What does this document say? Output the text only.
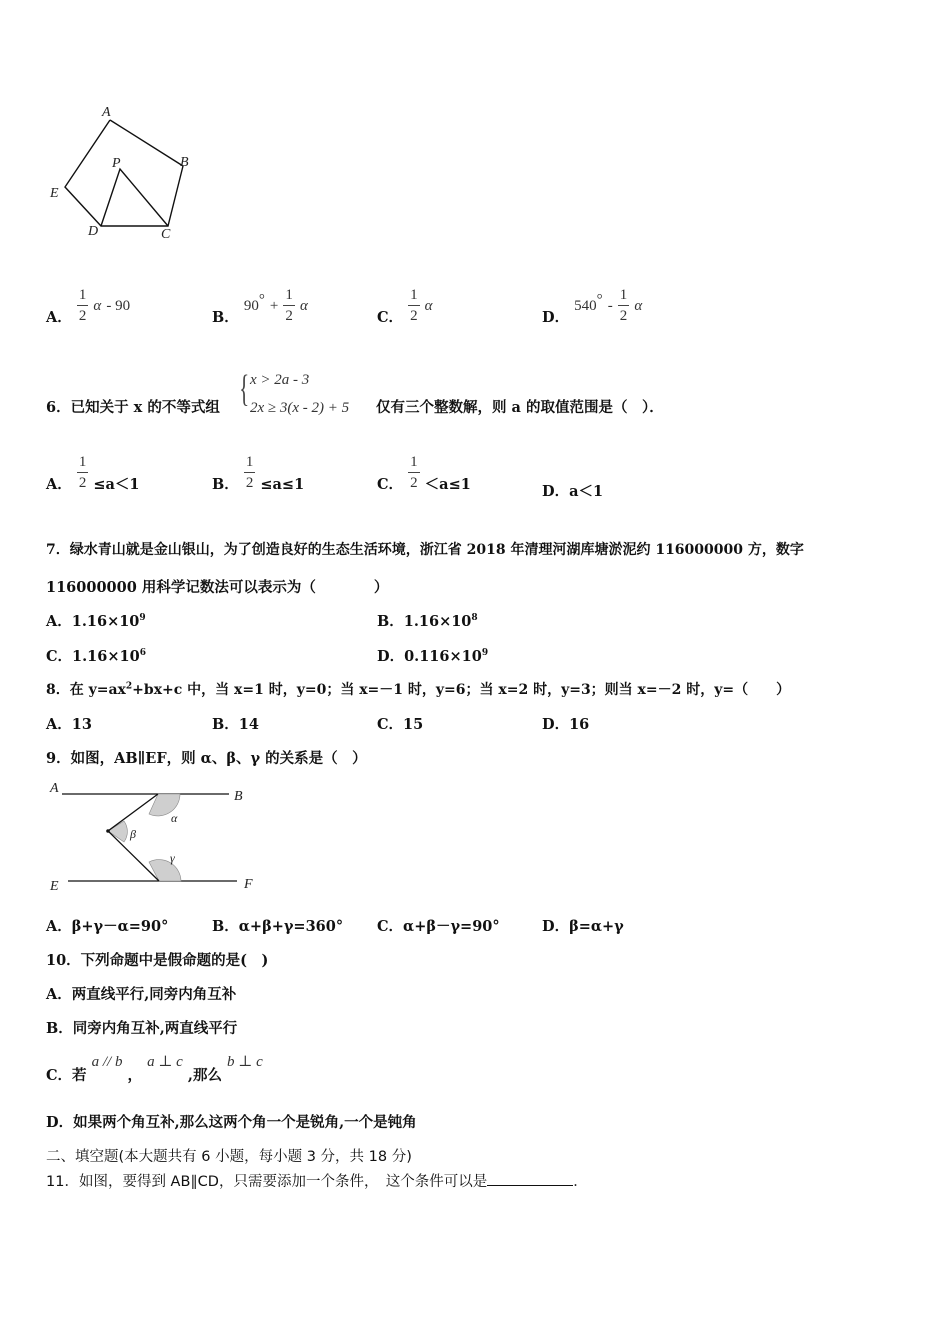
A
B
C
D
E
P
A． $\frac{1}{2}$ α - 90
B． $90^\circ + \frac{1}{2}$ α
C． $\frac{1}{2}$ α
D． $540^\circ - \frac{1}{2}$ α
6．已知关于 x 的不等式组 { x > 2a - 3
2x ≥ 3(x - 2) + 5 仅有三个整数解，则 a 的取值范围是（　）．
A． $\frac{1}{2} \le a<1$	B． $\frac{1}{2} \le a\le 1$	C． $\frac{1}{2} <a\le 1$	D．a＜1
7．绿水青山就是金山银山，为了创造良好的生态生活环境，浙江省 2018 年清理河湖库塘淤泥约 116000000 方，数字
116000000 用科学记数法可以表示为（　　　　）
A．$1.16\times 10^9$	B．$1.16\times 10^8$
C．$1.16\times 10^6$	D．$0.116\times 10^9$
8．在 $y=ax^2+bx+c$ 中，当 x=1 时，y=0；当 x=－1 时，y=6；当 x=2 时，y=3；则当 x=－2 时，y=（　　）
A．13	B．14	C．15	D．16
9．如图，AB∥EF，则 α、β、γ 的关系是（　）
A
B
E	F
α
β
γ
A．β+γ－α=90°	B．α+β+γ=360° C．α+β－γ=90°	D．β=α+γ
10．下列命题中是假命题的是(　)
A．两直线平行,同旁内角互补
B．同旁内角互补,两直线平行
C．若 a // b ， a ⊥ c ,那么 b ⊥ c
D．如果两个角互补,那么这两个角一个是锐角,一个是钝角
二、填空题(本大题共有 6 小题，每小题 3 分，共 18 分)
11．如图，要得到 AB∥CD，只需要添加一个条件，　这个条件可以是	．
